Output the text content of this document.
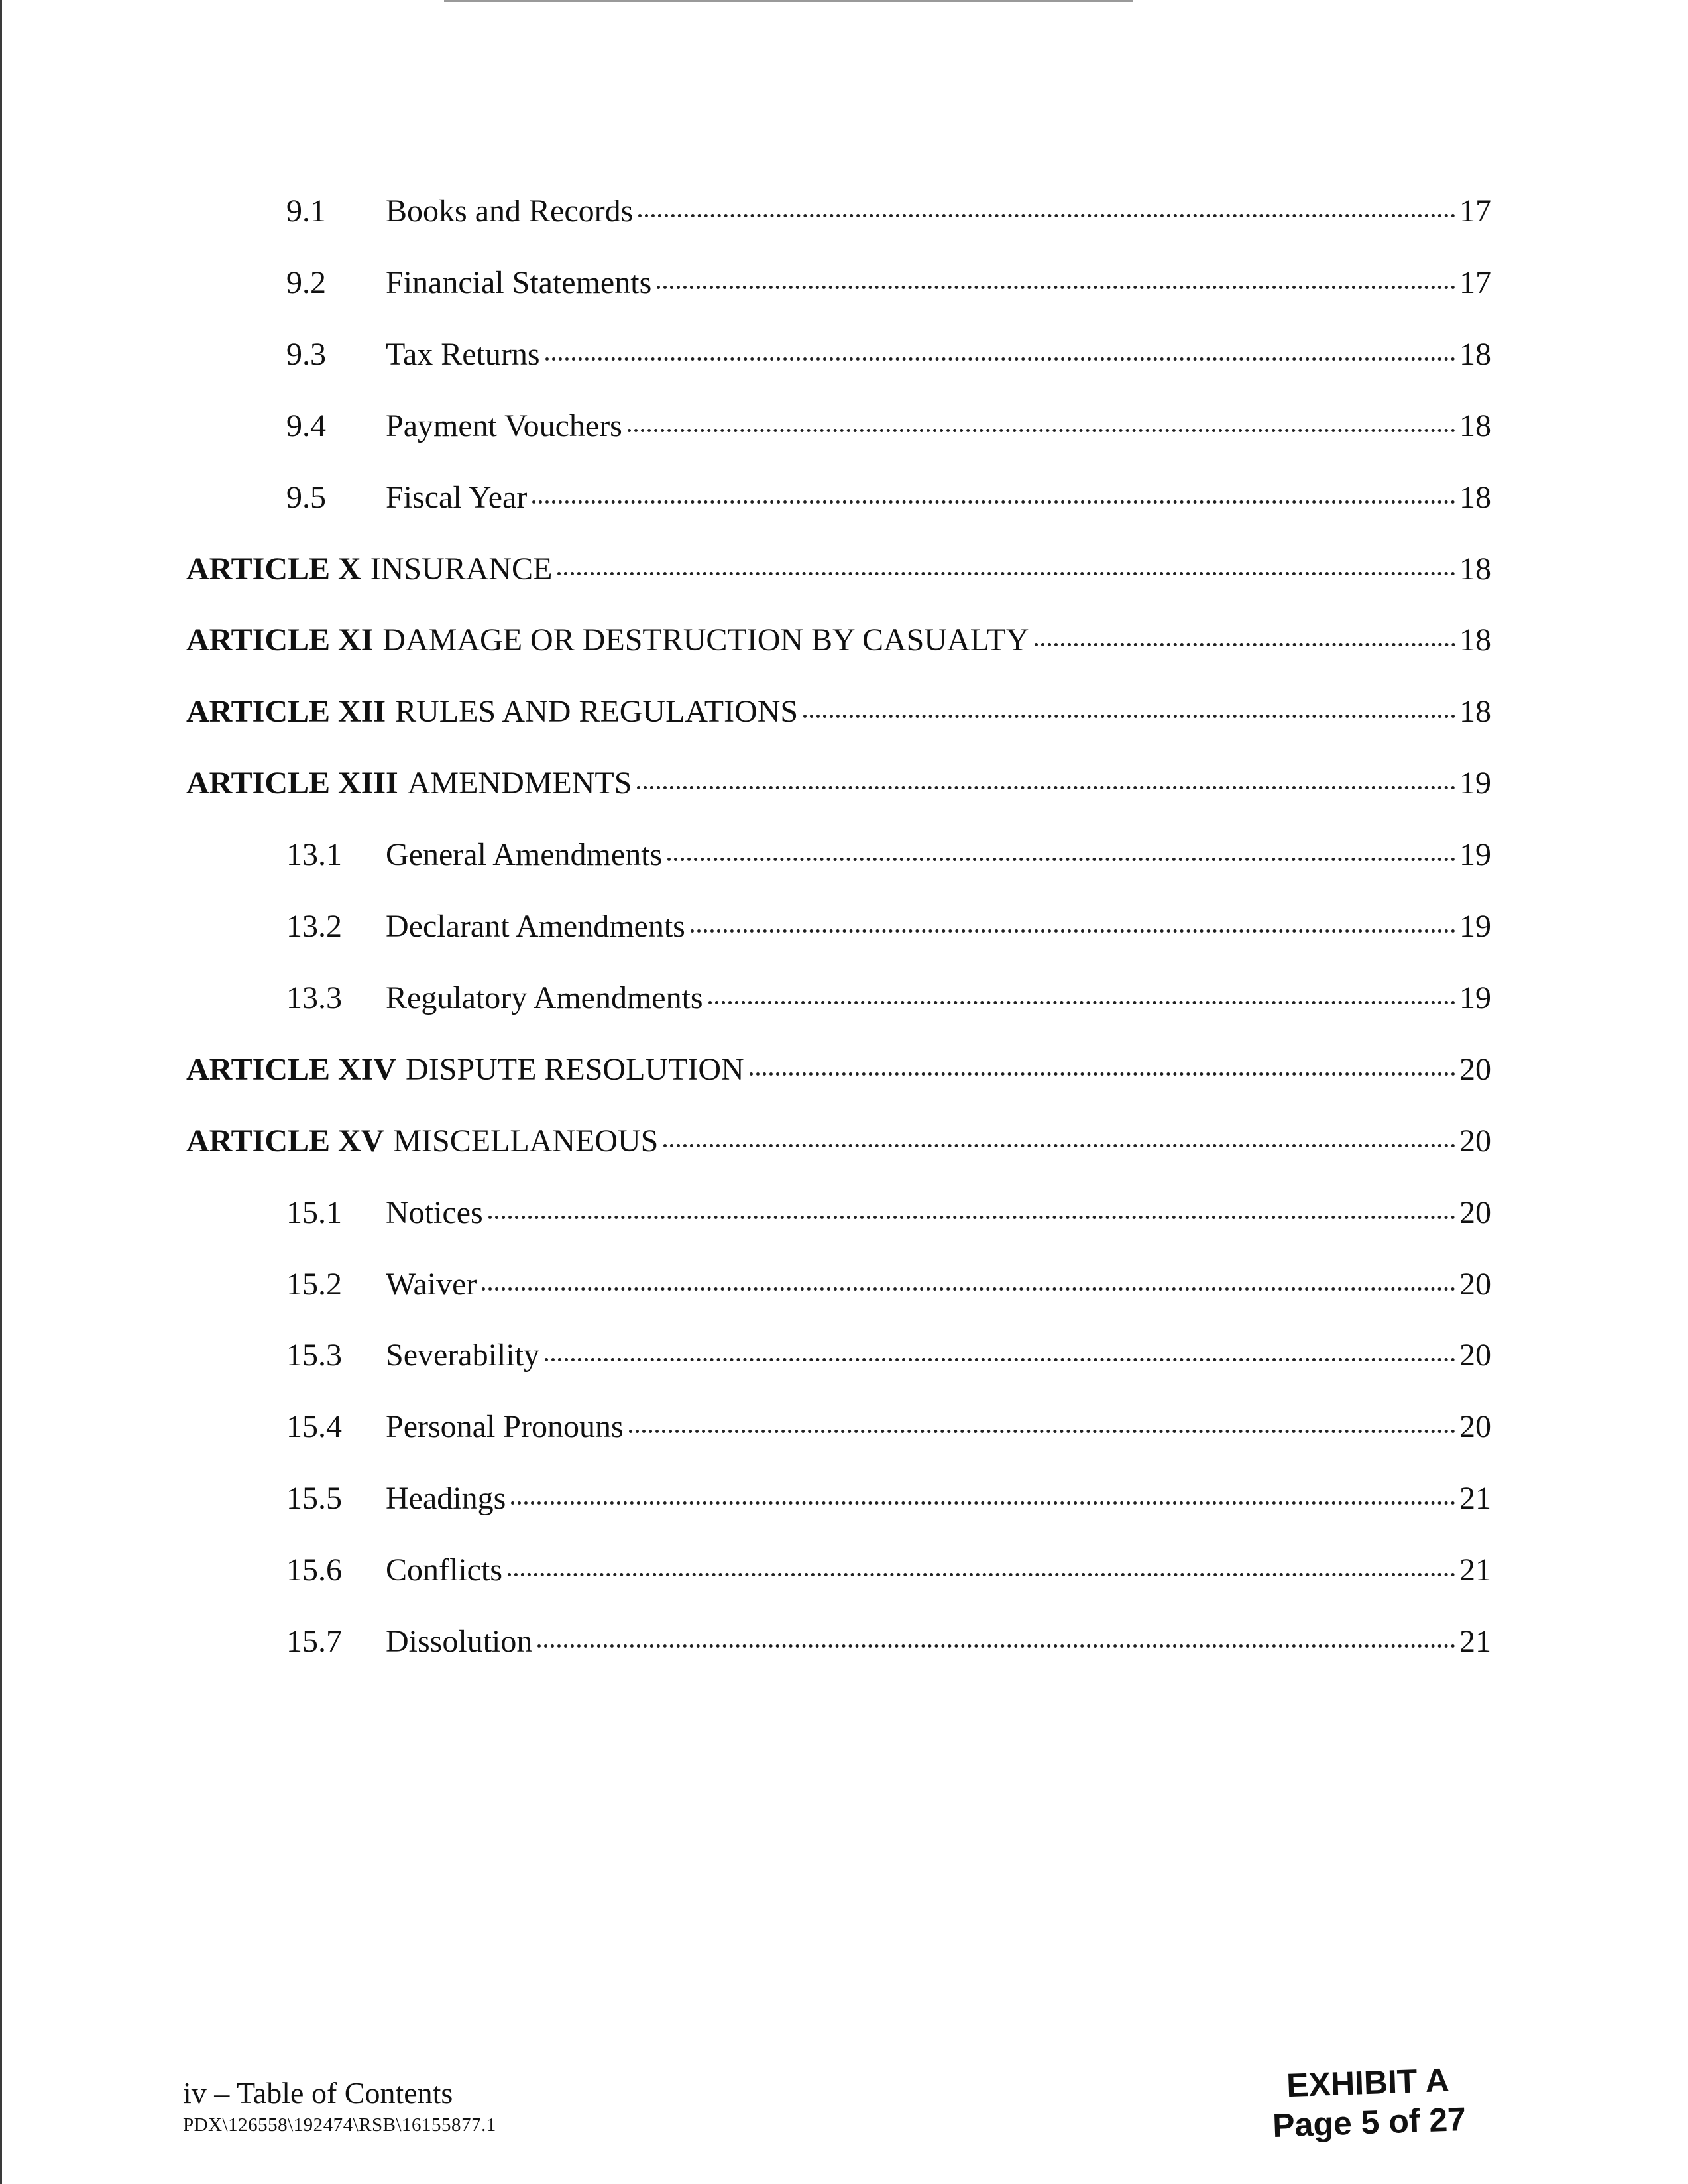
9.1	Books and Records	17
9.2	Financial Statements	17
9.3	Tax Returns	18
9.4	Payment Vouchers	18
9.5	Fiscal Year	18
ARTICLE X INSURANCE	18
ARTICLE XI DAMAGE OR DESTRUCTION BY CASUALTY	18
ARTICLE XII RULES AND REGULATIONS	18
ARTICLE XIII AMENDMENTS	19
13.1	General Amendments	19
13.2	Declarant Amendments	19
13.3	Regulatory Amendments	19
ARTICLE XIV DISPUTE RESOLUTION	20
ARTICLE XV MISCELLANEOUS	20
15.1	Notices	20
15.2	Waiver	20
15.3	Severability	20
15.4	Personal Pronouns	20
15.5	Headings	21
15.6	Conflicts	21
15.7	Dissolution	21
iv – Table of Contents
PDX\126558\192474\RSB\16155877.1
EXHIBIT A
Page 5 of 27
